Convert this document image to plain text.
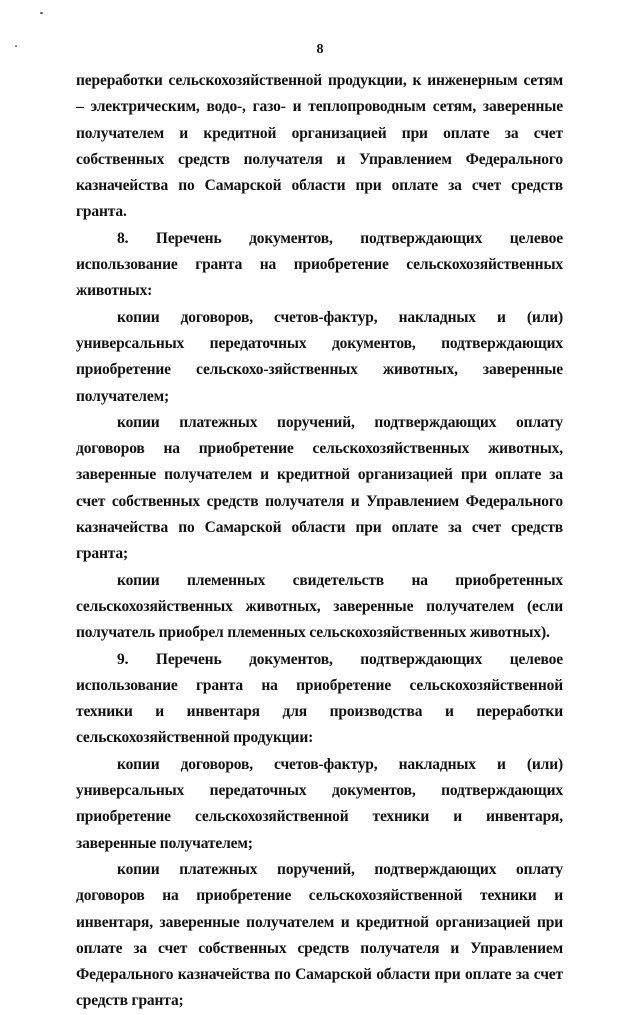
8

переработки сельскохозяйственной продукции, к инженерным сетям – электрическим, водо-, газо- и теплопроводным сетям, заверенные получателем и кредитной организацией при оплате за счет собственных средств получателя и Управлением Федерального казначейства по Самарской области при оплате за счет средств гранта.

8. Перечень документов, подтверждающих целевое использование гранта на приобретение сельскохозяйственных животных:

копии договоров, счетов-фактур, накладных и (или) универсальных передаточных документов, подтверждающих приобретение сельскохо-зяйственных животных, заверенные получателем;

копии платежных поручений, подтверждающих оплату договоров на приобретение сельскохозяйственных животных, заверенные получателем и кредитной организацией при оплате за счет собственных средств получателя и Управлением Федерального казначейства по Самарской области при оплате за счет средств гранта;

копии племенных свидетельств на приобретенных сельскохозяйственных животных, заверенные получателем (если получатель приобрел племенных сельскохозяйственных животных).

9. Перечень документов, подтверждающих целевое использование гранта на приобретение сельскохозяйственной техники и инвентаря для производства и переработки сельскохозяйственной продукции:

копии договоров, счетов-фактур, накладных и (или) универсальных передаточных документов, подтверждающих приобретение сельскохозяйственной техники и инвентаря, заверенные получателем;

копии платежных поручений, подтверждающих оплату договоров на приобретение сельскохозяйственной техники и инвентаря, заверенные получателем и кредитной организацией при оплате за счет собственных средств получателя и Управлением Федерального казначейства по Самарской области при оплате за счет средств гранта;
